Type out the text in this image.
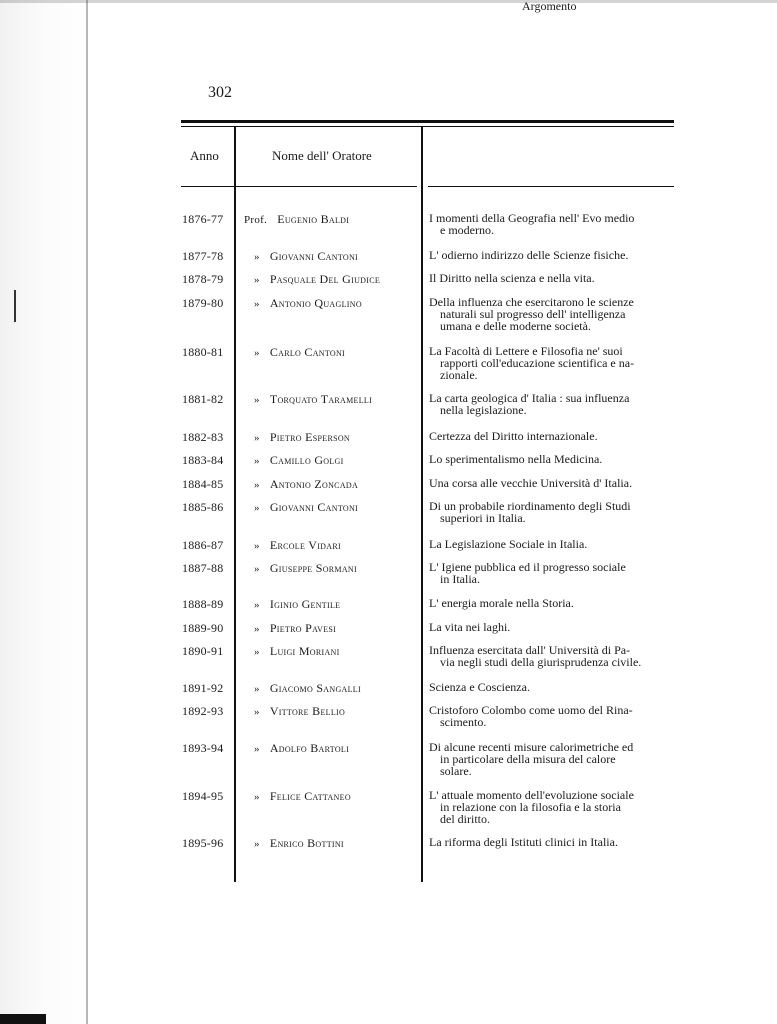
302
Anno	Nome dell' Oratore
Argomento
1876-77 Prof. Eugenio Baldi	I momenti della Geografia nell' Evo medio
e moderno.
1877-78	» Giovanni Cantoni	L' odierno indirizzo delle Scienze fisiche.
1878-79	» Pasquale Del Giudice	Il Diritto nella scienza e nella vita.
1879-80	» Antonio Quaglino	Della influenza che esercitarono le scienze
naturali sul progresso dell' intelligenza
umana e delle moderne società.
1880-81	» Carlo Cantoni	La Facoltà di Lettere e Filosofia ne' suoi
rapporti coll'educazione scientifica e na-
zionale.
1881-82	» Torquato Taramelli	La carta geologica d' Italia : sua influenza
nella legislazione.
1882-83	» Pietro Esperson	Certezza del Diritto internazionale.
1883-84	» Camillo Golgi	Lo sperimentalismo nella Medicina.
1884-85	» Antonio Zoncada	Una corsa alle vecchie Università d' Italia.
1885-86	» Giovanni Cantoni	Di un probabile riordinamento degli Studi
superiori in Italia.
1886-87	» Ercole Vidari	La Legislazione Sociale in Italia.
1887-88	» Giuseppe Sormani	L' Igiene pubblica ed il progresso sociale
in Italia.
1888-89	» Iginio Gentile	L' energia morale nella Storia.
1889-90	» Pietro Pavesi	La vita nei laghi.
1890-91	» Luigi Moriani	Influenza esercitata dall' Università di Pa-
via negli studi della giurisprudenza civile.
1891-92	» Giacomo Sangalli	Scienza e Coscienza.
1892-93	» Vittore Bellio	Cristoforo Colombo come uomo del Rina-
scimento.
1893-94	» Adolfo Bartoli	Di alcune recenti misure calorimetriche ed
in particolare della misura del calore
solare.
1894-95	» Felice Cattaneo	L' attuale momento dell'evoluzione sociale
in relazione con la filosofia e la storia
del diritto.
1895-96	» Enrico Bottini	La riforma degli Istituti clinici in Italia.
